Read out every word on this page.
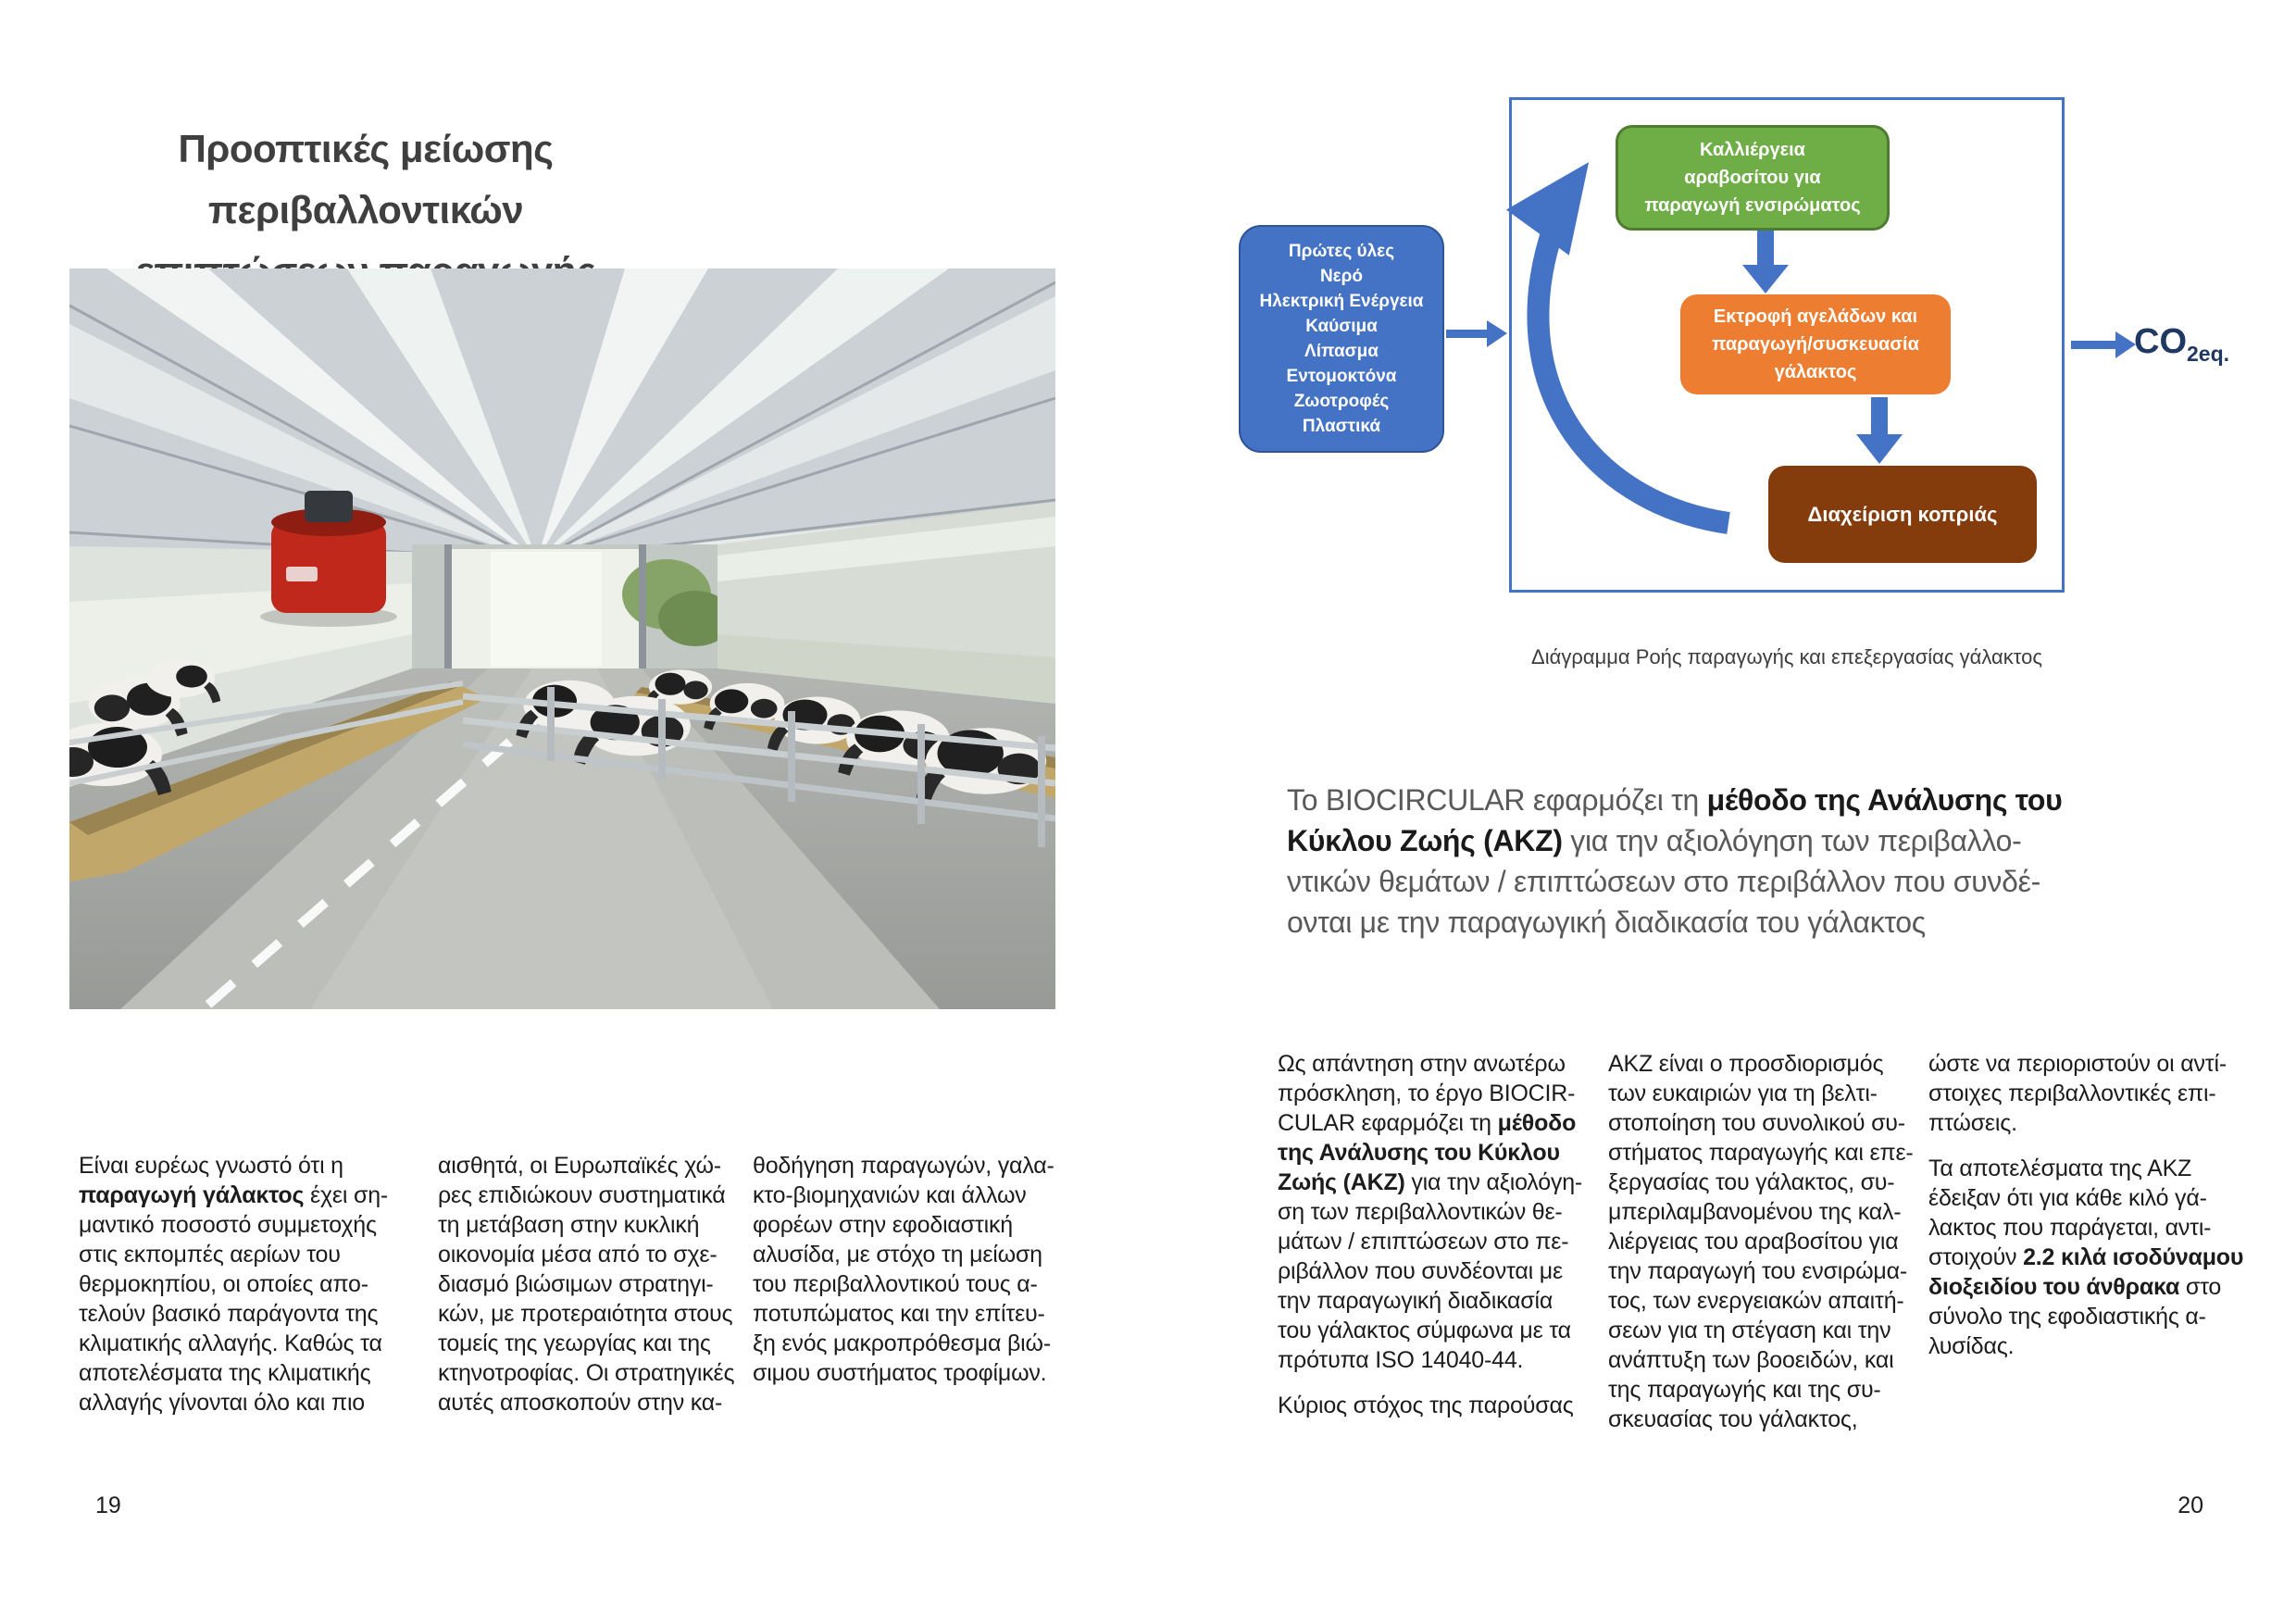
Προοπτικές μείωσης περιβαλλοντικών

Είναι ευρέως γνωστό ότι η
παραγωγή γάλακτος έχει ση-
μαντικό ποσοστό συμμετοχής
στις εκπομπές αερίων του
θερμοκηπίου, οι οποίες απο-
τελούν βασικό παράγοντα της
κλιματικής αλλαγής. Καθώς τα
αποτελέσματα της κλιματικής
αλλαγής γίνονται όλο και πιο
αισθητά, οι Ευρωπαϊκές χώ-
ρες επιδιώκουν συστηματικά
τη μετάβαση στην κυκλική
οικονομία μέσα από το σχε-
διασμό βιώσιμων στρατηγι-
κών, με προτεραιότητα στους
τομείς της γεωργίας και της
κτηνοτροφίας. Οι στρατηγικές
αυτές αποσκοπούν στην κα-
θοδήγηση παραγωγών, γαλα-
κτο-βιομηχανιών και άλλων
φορέων στην εφοδιαστική
αλυσίδα, με στόχο τη μείωση
του περιβαλλοντικού τους α-
ποτυπώματος και την επίτευ-
ξη ενός μακροπρόθεσμα βιώ-
σιμου συστήματος τροφίμων.
19
Πρώτες ύλες
Νερό
Ηλεκτρική Ενέργεια
Καύσιμα
Λίπασμα
Εντομοκτόνα
Ζωοτροφές
Πλαστικά
Καλλιέργεια
αραβοσίτου για
παραγωγή ενσιρώματος
Εκτροφή αγελάδων και
παραγωγή/συσκευασία
γάλακτος
Διαχείριση κοπριάς
$CO_{2eq.}$
Διάγραμμα Ροής παραγωγής και επεξεργασίας γάλακτος
Το BIOCIRCULAR εφαρμόζει τη μέθοδο της Ανάλυσης του
Κύκλου Ζωής (ΑΚΖ) για την αξιολόγηση των περιβαλλο-
ντικών θεμάτων / επιπτώσεων στο περιβάλλον που συνδέ-
ονται με την παραγωγική διαδικασία του γάλακτος
Ως απάντηση στην ανωτέρω
πρόσκληση, το έργο BIOCIR-
CULAR εφαρμόζει τη μέθοδο
της Ανάλυσης του Κύκλου
Ζωής (ΑΚΖ) για την αξιολόγη-
ση των περιβαλλοντικών θε-
μάτων / επιπτώσεων στο πε-
ριβάλλον που συνδέονται με
την παραγωγική διαδικασία
του γάλακτος σύμφωνα με τα
πρότυπα ISO 14040-44.
Κύριος στόχος της παρούσας
ΑΚΖ είναι ο προσδιορισμός
των ευκαιριών για τη βελτι-
στοποίηση του συνολικού συ-
στήματος παραγωγής και επε-
ξεργασίας του γάλακτος, συ-
μπεριλαμβανομένου της καλ-
λιέργειας του αραβοσίτου για
την παραγωγή του ενσιρώμα-
τος, των ενεργειακών απαιτή-
σεων για τη στέγαση και την
ανάπτυξη των βοοειδών, και
της παραγωγής και της συ-
σκευασίας του γάλακτος,
ώστε να περιοριστούν οι αντί-
στοιχες περιβαλλοντικές επι-
πτώσεις.
Τα αποτελέσματα της ΑΚΖ
έδειξαν ότι για κάθε κιλό γά-
λακτος που παράγεται, αντι-
στοιχούν 2.2 κιλά ισοδύναμου
διοξειδίου του άνθρακα στο
σύνολο της εφοδιαστικής α-
λυσίδας.
20
